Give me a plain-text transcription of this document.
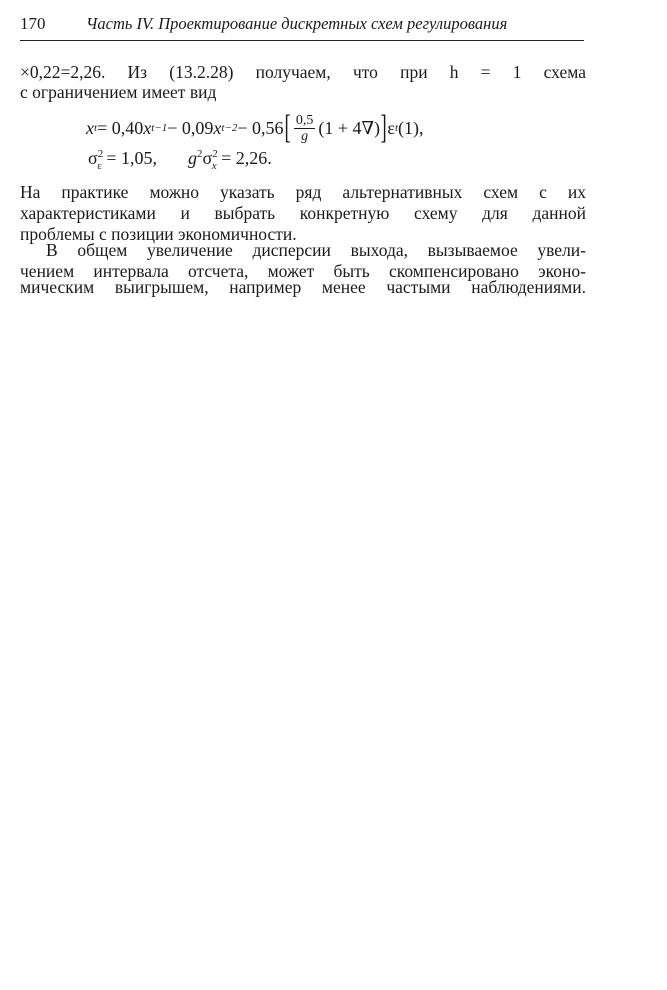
170 Часть IV. Проектирование дискретных схем регулирования
×0,22=2,26. Из (13.2.28) получаем, что при h = 1 схема
с ограничением имеет вид
x t = 0,40 x t−1 − 0,09 x t−2 − 0,56 [ $\frac{0,5}{g} (1 + 4\nabla)$ ] ε t (1),
$\sigma^2_\varepsilon = 1,05$, $g^2\sigma^2_x = 2,26$.
На практике можно указать ряд альтернативных схем с их
характеристиками и выбрать конкретную схему для данной
проблемы с позиции экономичности.
В общем увеличение дисперсии выхода, вызываемое увели-
чением интервала отсчета, может быть скомпенсировано эконо-
мическим выигрышем, например менее частыми наблюдениями.
